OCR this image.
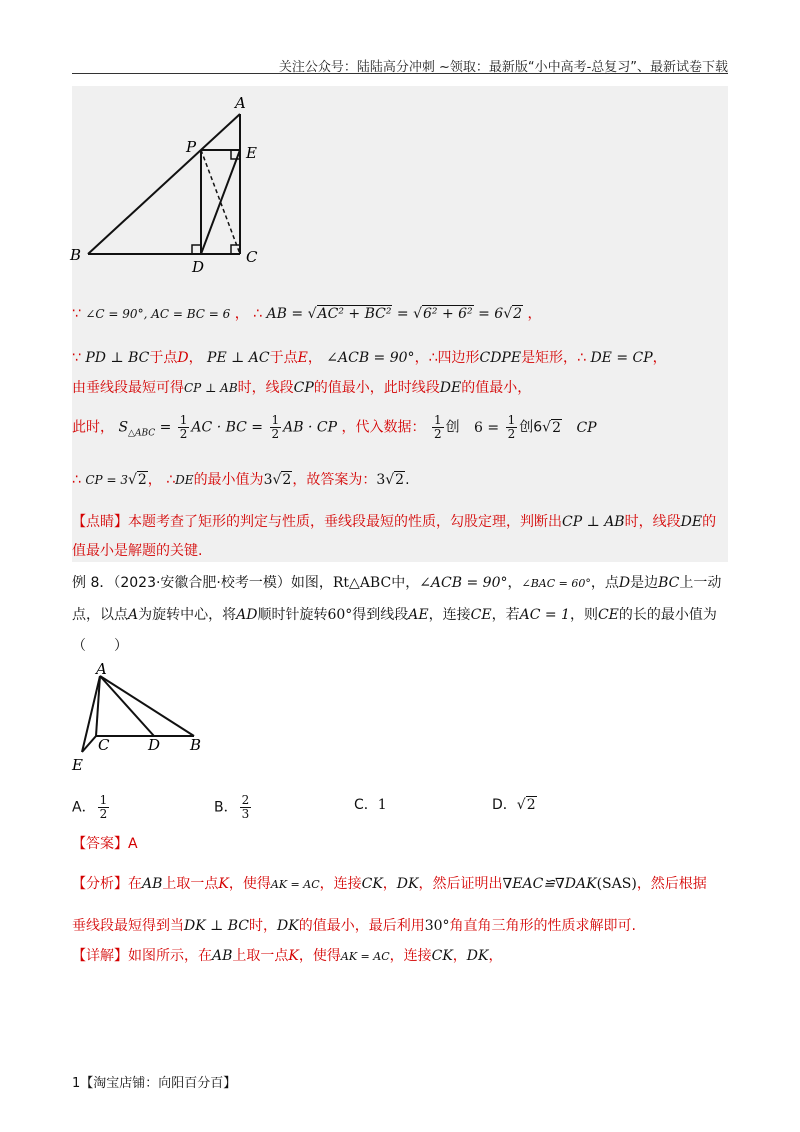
关注公众号：陆陆高分冲刺 ~领取：最新版“小中高考-总复习”、最新试卷下载
A
P	E
B
D
C
∵ ∠C = 90°, AC = BC = 6 ， ∴ AB = √AC² + BC² = √6² + 6² = 6√2 ，
∵ PD ⊥ BC于点D， PE ⊥ AC于点E， ∠ACB = 90°，∴四边形CDPE是矩形，∴ DE = CP，
由垂线段最短可得CP ⊥ AB时，线段CP的值最小，此时线段DE的值最小，
此时， $S_{\triangle ABC} = \frac{1}{2}$ AC · BC = $\frac{1}{2}$ AB · CP ，代入数据： $\frac{1}{2}$ 创 $6 = \frac{1}{2}$ 创6√2 CP
∴ CP = 3√2， ∴DE的最小值为3√2，故答案为：3√2.
【点睛】本题考查了矩形的判定与性质，垂线段最短的性质，勾股定理，判断出CP ⊥ AB时，线段DE的
值最小是解题的关键.
例 8．（2023·安徽合肥·校考一模）如图，Rt△ABC中，∠ACB = 90°，∠BAC = 60°，点D是边BC上一动
点，以点A为旋转中心，将AD顺时针旋转60°得到线段AE，连接CE，若AC = 1，则CE的长的最小值为
（　　）
A
C	D B
E
A． $\frac{1}{2}$	B． $\frac{2}{3}$	C．1	D．√2
【答案】A
【分析】在AB上取一点K，使得AK = AC，连接CK，DK，然后证明出∇EAC≌∇DAK(SAS)，然后根据
垂线段最短得到当DK ⊥ BC时，DK的值最小，最后利用30°角直角三角形的性质求解即可.
【详解】如图所示，在AB上取一点K，使得AK = AC，连接CK，DK，
1【淘宝店铺：向阳百分百】
